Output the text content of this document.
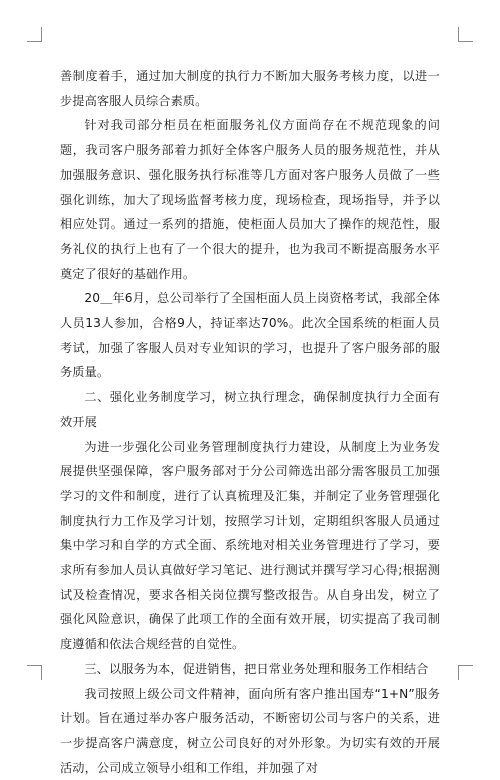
善制度着手，通过加大制度的执行力不断加大服务考核力度，以进一步提高客服人员综合素质。

针对我司部分柜员在柜面服务礼仪方面尚存在不规范现象的问题，我司客户服务部着力抓好全体客户服务人员的服务规范性，并从加强服务意识、强化服务执行标准等几方面对客户服务人员做了一些强化训练，加大了现场监督考核力度，现场检查，现场指导，并予以相应处罚。通过一系列的措施，使柜面人员加大了操作的规范性，服务礼仪的执行上也有了一个很大的提升，也为我司不断提高服务水平奠定了很好的基础作用。

20＿年6月，总公司举行了全国柜面人员上岗资格考试，我部全体人员13人参加，合格9人，持证率达70%。此次全国系统的柜面人员考试，加强了客服人员对专业知识的学习，也提升了客户服务部的服务质量。

二、强化业务制度学习，树立执行理念，确保制度执行力全面有效开展

为进一步强化公司业务管理制度执行力建设，从制度上为业务发展提供坚强保障，客户服务部对于分公司筛选出部分需客服员工加强学习的文件和制度，进行了认真梳理及汇集，并制定了业务管理强化制度执行力工作及学习计划，按照学习计划，定期组织客服人员通过集中学习和自学的方式全面、系统地对相关业务管理进行了学习，要求所有参加人员认真做好学习笔记、进行测试并撰写学习心得;根据测试及检查情况，要求各相关岗位撰写整改报告。从自身出发，树立了强化风险意识，确保了此项工作的全面有效开展，切实提高了我司制度遵循和依法合规经营的自觉性。

三、以服务为本，促进销售，把日常业务处理和服务工作相结合

我司按照上级公司文件精神，面向所有客户推出国寿“1+N”服务计划。旨在通过举办客户服务活动，不断密切公司与客户的关系，进一步提高客户满意度，树立公司良好的对外形象。为切实有效的开展活动，公司成立领导小组和工作组，并加强了对
